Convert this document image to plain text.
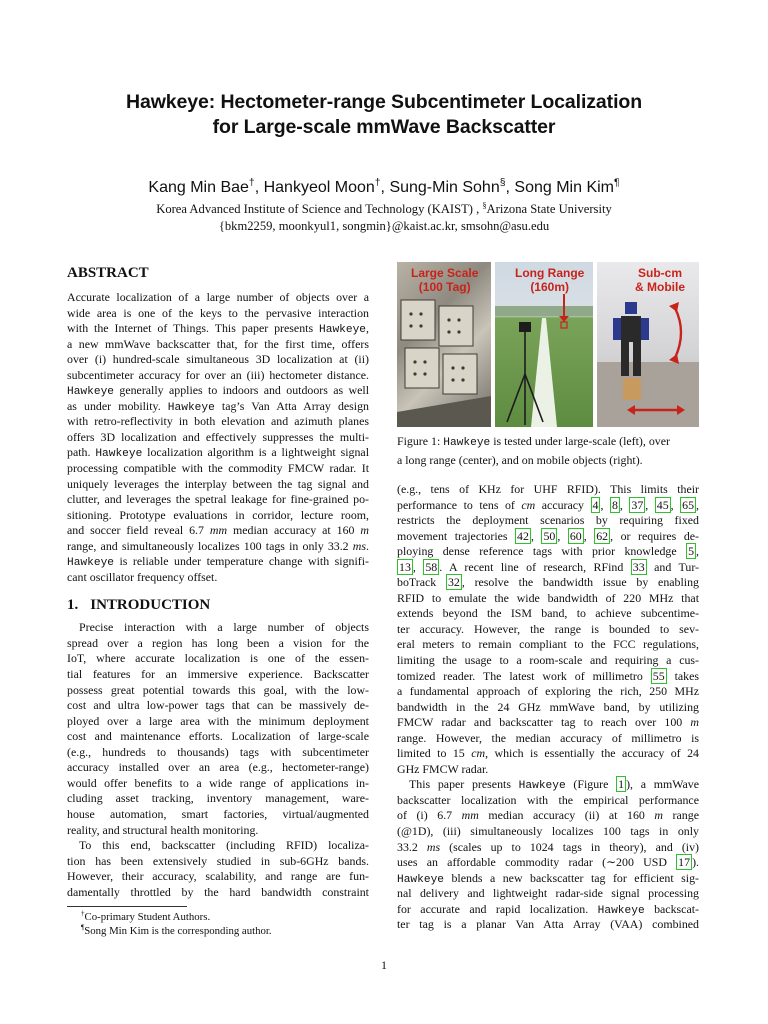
Hawkeye: Hectometer-range Subcentimeter Localization
for Large-scale mmWave Backscatter
Kang Min Bae†, Hankyeol Moon†, Sung-Min Sohn§, Song Min Kim¶
Korea Advanced Institute of Science and Technology (KAIST) , §Arizona State University
{bkm2259, moonkyul1, songmin}@kaist.ac.kr, smsohn@asu.edu
ABSTRACT
Accurate localization of a large number of objects over a
wide area is one of the keys to the pervasive interaction
with the Internet of Things. This paper presents Hawkeye,
a new mmWave backscatter that, for the first time, offers
over (i) hundred-scale simultaneous 3D localization at (ii)
subcentimeter accuracy for over an (iii) hectometer distance.
Hawkeye generally applies to indoors and outdoors as well
as under mobility. Hawkeye tag’s Van Atta Array design
with retro-reflectivity in both elevation and azimuth planes
offers 3D localization and effectively suppresses the multi-
path. Hawkeye localization algorithm is a lightweight signal
processing compatible with the commodity FMCW radar. It
uniquely leverages the interplay between the tag signal and
clutter, and leverages the spetral leakage for fine-grained po-
sitioning. Prototype evaluations in corridor, lecture room,
and soccer field reveal 6.7 mm median accuracy at 160 m
range, and simultaneously localizes 100 tags in only 33.2 ms.
Hawkeye is reliable under temperature change with signifi-
cant oscillator frequency offset.
1. INTRODUCTION
Precise interaction with a large number of objects
spread over a region has long been a vision for the
IoT, where accurate localization is one of the essen-
tial features for an immersive experience. Backscatter
possess great potential towards this goal, with the low-
cost and ultra low-power tags that can be massively de-
ployed over a large area with the minimum deployment
cost and maintenance efforts. Localization of large-scale
(e.g., hundreds to thousands) tags with subcentimeter
accuracy installed over an area (e.g., hectometer-range)
would offer benefits to a wide range of applications in-
cluding asset tracking, inventory management, ware-
house automation, smart factories, virtual/augmented
reality, and structural health monitoring.
To this end, backscatter (including RFID) localiza-
tion has been extensively studied in sub-6GHz bands.
However, their accuracy, scalability, and range are fun-
damentally throttled by the hard bandwidth constraint
†Co-primary Student Authors.
¶Song Min Kim is the corresponding author.
Large Scale
(100 Tag)
Long Range
(160m)
Sub-cm
& Mobile
Figure 1: Hawkeye is tested under large-scale (left), over
a long range (center), and on mobile objects (right).
(e.g., tens of KHz for UHF RFID). This limits their
performance to tens of cm accuracy 4 , 8 , 37 , 45 , 65 ,
restricts the deployment scenarios by requiring fixed
movement trajectories 42 , 50 , 60 , 62 , or requires de-
ploying dense reference tags with prior knowledge 5 ,
13 , 58 . A recent line of research, RFind 33 and Tur-
boTrack 32 , resolve the bandwidth issue by enabling
RFID to emulate the wide bandwidth of 220 MHz that
extends beyond the ISM band, to achieve subcentime-
ter accuracy. However, the range is bounded to sev-
eral meters to remain compliant to the FCC regulations,
limiting the usage to a room-scale and requiring a cus-
tomized reader. The latest work of millimetro 55 takes
a fundamental approach of exploring the rich, 250 MHz
bandwidth in the 24 GHz mmWave band, by utilizing
FMCW radar and backscatter tag to reach over 100 m
range. However, the median accuracy of millimetro is
limited to 15 cm, which is essentially the accuracy of 24
GHz FMCW radar.
This paper presents Hawkeye (Figure 1 ), a mmWave
backscatter localization with the empirical performance
of (i) 6.7 mm median accuracy (ii) at 160 m range
(@1D), (iii) simultaneously localizes 100 tags in only
33.2 ms (scales up to 1024 tags in theory), and (iv)
uses an affordable commodity radar (∼200 USD 17 ).
Hawkeye blends a new backscatter tag for efficient sig-
nal delivery and lightweight radar-side signal processing
for accurate and rapid localization. Hawkeye backscat-
ter tag is a planar Van Atta Array (VAA) combined
1
